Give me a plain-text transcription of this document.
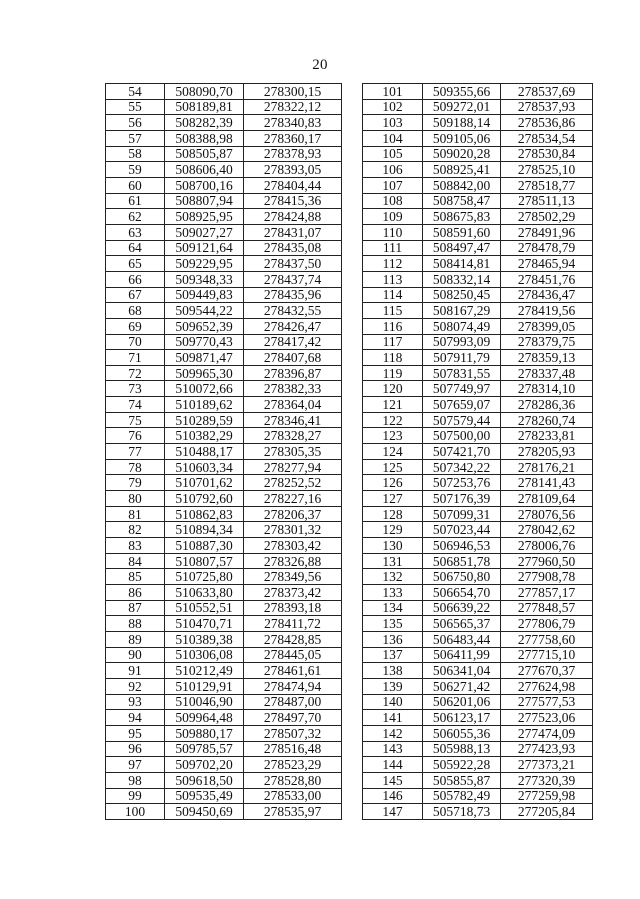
20
54	508090,70	278300,15
55	508189,81	278322,12
56	508282,39	278340,83
57	508388,98	278360,17
58	508505,87	278378,93
59	508606,40	278393,05
60	508700,16	278404,44
61	508807,94	278415,36
62	508925,95	278424,88
63	509027,27	278431,07
64	509121,64	278435,08
65	509229,95	278437,50
66	509348,33	278437,74
67	509449,83	278435,96
68	509544,22	278432,55
69	509652,39	278426,47
70	509770,43	278417,42
71	509871,47	278407,68
72	509965,30	278396,87
73	510072,66	278382,33
74	510189,62	278364,04
75	510289,59	278346,41
76	510382,29	278328,27
77	510488,17	278305,35
78	510603,34	278277,94
79	510701,62	278252,52
80	510792,60	278227,16
81	510862,83	278206,37
82	510894,34	278301,32
83	510887,30	278303,42
84	510807,57	278326,88
85	510725,80	278349,56
86	510633,80	278373,42
87	510552,51	278393,18
88	510470,71	278411,72
89	510389,38	278428,85
90	510306,08	278445,05
91	510212,49	278461,61
92	510129,91	278474,94
93	510046,90	278487,00
94	509964,48	278497,70
95	509880,17	278507,32
96	509785,57	278516,48
97	509702,20	278523,29
98	509618,50	278528,80
99	509535,49	278533,00
100	509450,69	278535,97
101	509355,66	278537,69
102	509272,01	278537,93
103	509188,14	278536,86
104	509105,06	278534,54
105	509020,28	278530,84
106	508925,41	278525,10
107	508842,00	278518,77
108	508758,47	278511,13
109	508675,83	278502,29
110	508591,60	278491,96
111	508497,47	278478,79
112	508414,81	278465,94
113	508332,14	278451,76
114	508250,45	278436,47
115	508167,29	278419,56
116	508074,49	278399,05
117	507993,09	278379,75
118	507911,79	278359,13
119	507831,55	278337,48
120	507749,97	278314,10
121	507659,07	278286,36
122	507579,44	278260,74
123	507500,00	278233,81
124	507421,70	278205,93
125	507342,22	278176,21
126	507253,76	278141,43
127	507176,39	278109,64
128	507099,31	278076,56
129	507023,44	278042,62
130	506946,53	278006,76
131	506851,78	277960,50
132	506750,80	277908,78
133	506654,70	277857,17
134	506639,22	277848,57
135	506565,37	277806,79
136	506483,44	277758,60
137	506411,99	277715,10
138	506341,04	277670,37
139	506271,42	277624,98
140	506201,06	277577,53
141	506123,17	277523,06
142	506055,36	277474,09
143	505988,13	277423,93
144	505922,28	277373,21
145	505855,87	277320,39
146	505782,49	277259,98
147	505718,73	277205,84
